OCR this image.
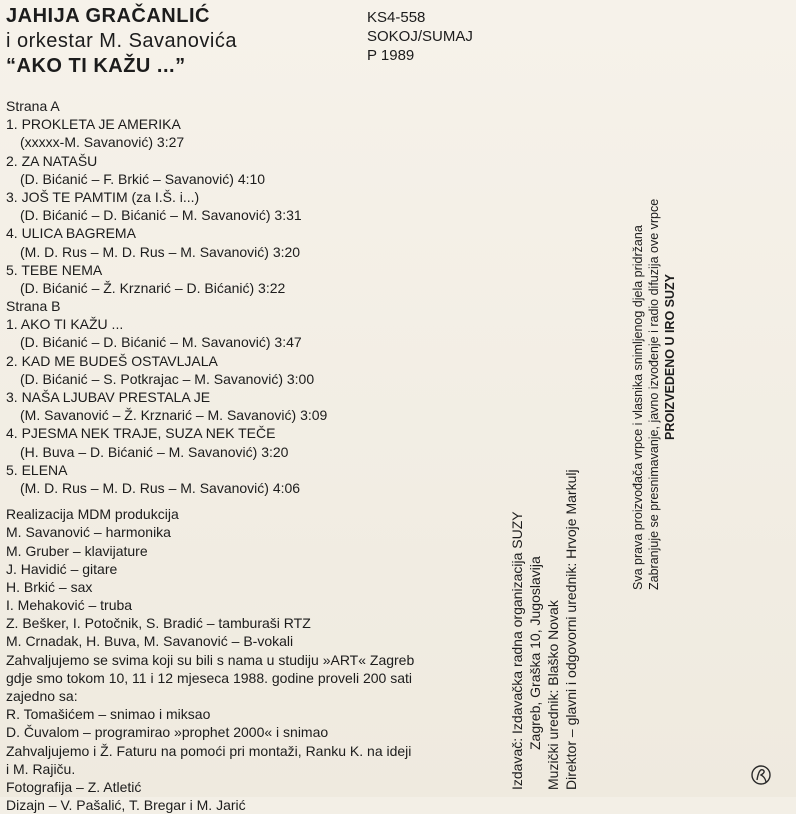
JAHIJA GRAČANLIĆ
i orkestar M. Savanovića
“AKO TI KAŽU ...”
KS4-558
SOKOJ/SUMAJ
P 1989
Strana A
1. PROKLETA JE AMERIKA
(xxxxx-M. Savanović) 3:27
2. ZA NATAŠU
(D. Bićanić – F. Brkić – Savanović) 4:10
3. JOŠ TE PAMTIM (za I.Š. i...)
(D. Bićanić – D. Bićanić – M. Savanović) 3:31
4. ULICA BAGREMA
(M. D. Rus – M. D. Rus – M. Savanović) 3:20
5. TEBE NEMA
(D. Bićanić – Ž. Krznarić – D. Bićanić) 3:22
Strana B
1. AKO TI KAŽU ...
(D. Bićanić – D. Bićanić – M. Savanović) 3:47
2. KAD ME BUDEŠ OSTAVLJALA
(D. Bićanić – S. Potkrajac – M. Savanović) 3:00
3. NAŠA LJUBAV PRESTALA JE
(M. Savanović – Ž. Krznarić – M. Savanović) 3:09
4. PJESMA NEK TRAJE, SUZA NEK TEČE
(H. Buva – D. Bićanić – M. Savanović) 3:20
5. ELENA
(M. D. Rus – M. D. Rus – M. Savanović) 4:06
Realizacija MDM produkcija
M. Savanović – harmonika
M. Gruber – klavijature
J. Havidić – gitare
H. Brkić – sax
I. Mehaković – truba
Z. Bešker, I. Potočnik, S. Bradić – tamburaši RTZ
M. Crnadak, H. Buva, M. Savanović – B-vokali
Zahvaljujemo se svima koji su bili s nama u studiju »ART« Zagreb
gdje smo tokom 10, 11 i 12 mjeseca 1988. godine proveli 200 sati
zajedno sa:
R. Tomašićem – snimao i miksao
D. Čuvalom – programirao »prophet 2000« i snimao
Zahvaljujemo i Ž. Faturu na pomoći pri montaži, Ranku K. na ideji
i M. Rajiču.
Fotografija – Z. Atletić
Dizajn – V. Pašalić, T. Bregar i M. Jarić
Izdavač: Izdavačka radna organizacija SUZY Zagreb, Graška 10, Jugoslavija Muzički urednik: Blaško Novak Direktor – glavni i odgovorni urednik: Hrvoje Markulj
Sva prava proizvođača vrpce i vlasnika snimljenog djela pridržana Zabranjuje se presnimavanje, javno izvođenje i radio difuzija ove vrpce PROIZVEDENO U IRO SUZY
